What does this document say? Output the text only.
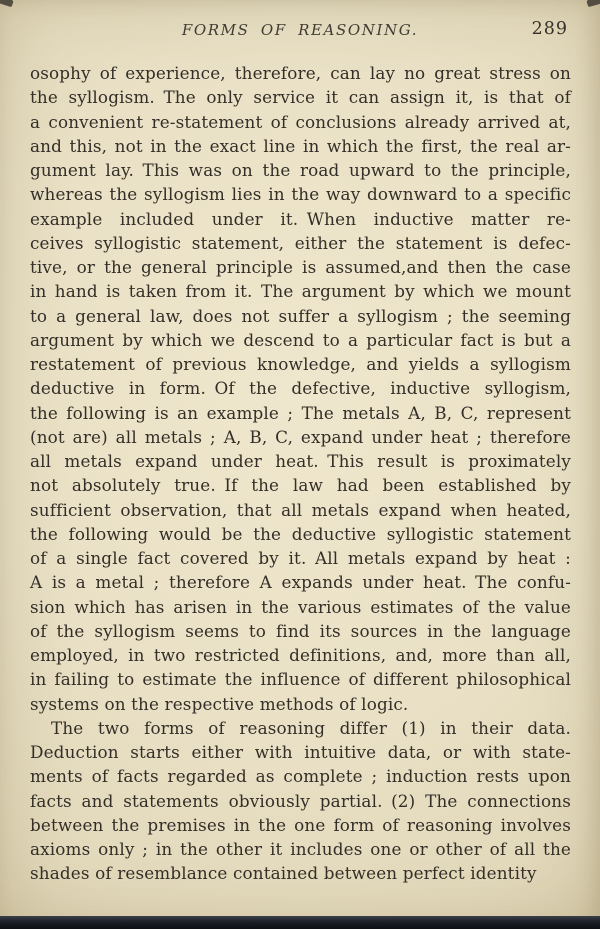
FORMS OF REASONING.	289
osophy of experience, therefore, can lay no great stress on
the syllogism. The only service it can assign it, is that of
a convenient re-statement of conclusions already arrived at,
and this, not in the exact line in which the first, the real ar-
gument lay. This was on the road upward to the principle,
whereas the syllogism lies in the way downward to a specific
example included under it. When inductive matter re-
ceives syllogistic statement, either the statement is defec-
tive, or the general principle is assumed,and then the case
in hand is taken from it. The argument by which we mount
to a general law, does not suffer a syllogism ; the seeming
argument by which we descend to a particular fact is but a
restatement of previous knowledge, and yields a syllogism
deductive in form. Of the defective, inductive syllogism,
the following is an example ; The metals A, B, C, represent
(not are) all metals ; A, B, C, expand under heat ; therefore
all metals expand under heat. This result is proximately
not absolutely true. If the law had been established by
sufficient observation, that all metals expand when heated,
the following would be the deductive syllogistic statement
of a single fact covered by it. All metals expand by heat :
A is a metal ; therefore A expands under heat. The confu-
sion which has arisen in the various estimates of the value
of the syllogism seems to find its sources in the language
employed, in two restricted definitions, and, more than all,
in failing to estimate the influence of different philosophical
systems on the respective methods of logic.
The two forms of reasoning differ (1) in their data.
Deduction starts either with intuitive data, or with state-
ments of facts regarded as complete ; induction rests upon
facts and statements obviously partial. (2) The connections
between the premises in the one form of reasoning involves
axioms only ; in the other it includes one or other of all the
shades of resemblance contained between perfect identity
